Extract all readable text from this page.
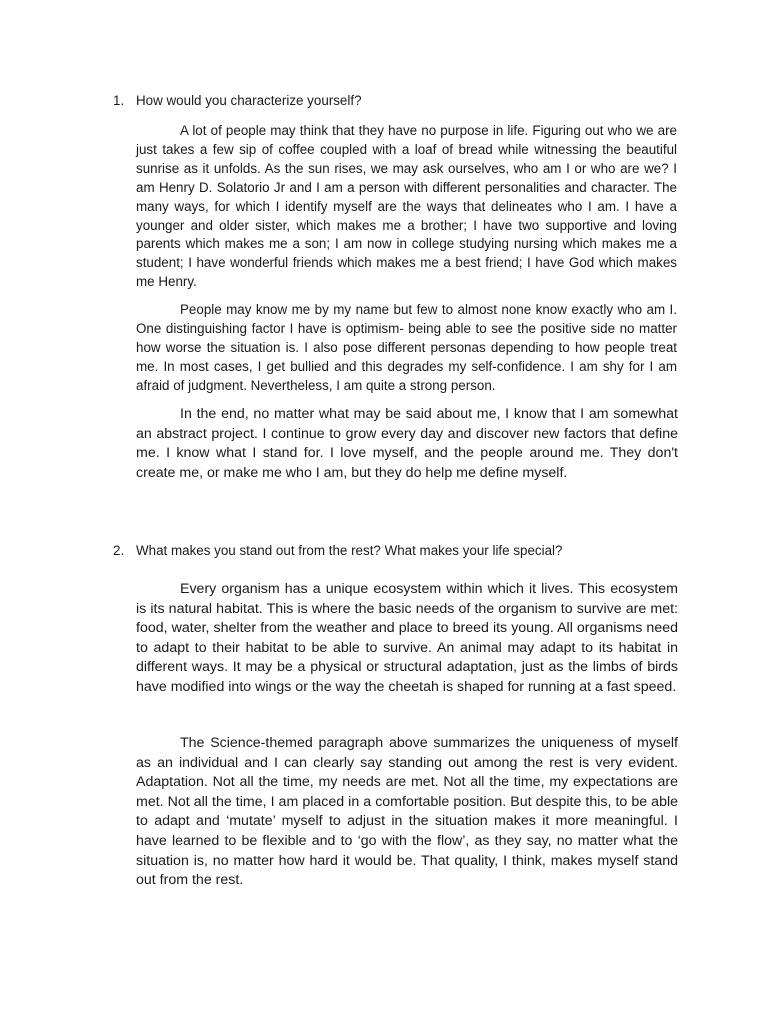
1. How would you characterize yourself?

A lot of people may think that they have no purpose in life. Figuring out who we are just takes a few sip of coffee coupled with a loaf of bread while witnessing the beautiful sunrise as it unfolds. As the sun rises, we may ask ourselves, who am I or who are we? I am Henry D. Solatorio Jr and I am a person with different personalities and character. The many ways, for which I identify myself are the ways that delineates who I am. I have a younger and older sister, which makes me a brother; I have two supportive and loving parents which makes me a son; I am now in college studying nursing which makes me a student; I have wonderful friends which makes me a best friend; I have God which makes me Henry.

People may know me by my name but few to almost none know exactly who am I. One distinguishing factor I have is optimism- being able to see the positive side no matter how worse the situation is. I also pose different personas depending to how people treat me. In most cases, I get bullied and this degrades my self-confidence. I am shy for I am afraid of judgment. Nevertheless, I am quite a strong person.

In the end, no matter what may be said about me, I know that I am somewhat an abstract project. I continue to grow every day and discover new factors that define me. I know what I stand for. I love myself, and the people around me. They don't create me, or make me who I am, but they do help me define myself.

2. What makes you stand out from the rest? What makes your life special?

Every organism has a unique ecosystem within which it lives. This ecosystem is its natural habitat. This is where the basic needs of the organism to survive are met: food, water, shelter from the weather and place to breed its young. All organisms need to adapt to their habitat to be able to survive. An animal may adapt to its habitat in different ways. It may be a physical or structural adaptation, just as the limbs of birds have modified into wings or the way the cheetah is shaped for running at a fast speed.

The Science-themed paragraph above summarizes the uniqueness of myself as an individual and I can clearly say standing out among the rest is very evident. Adaptation. Not all the time, my needs are met. Not all the time, my expectations are met. Not all the time, I am placed in a comfortable position. But despite this, to be able to adapt and ‘mutate’ myself to adjust in the situation makes it more meaningful. I have learned to be flexible and to ‘go with the flow’, as they say, no matter what the situation is, no matter how hard it would be. That quality, I think, makes myself stand out from the rest.
